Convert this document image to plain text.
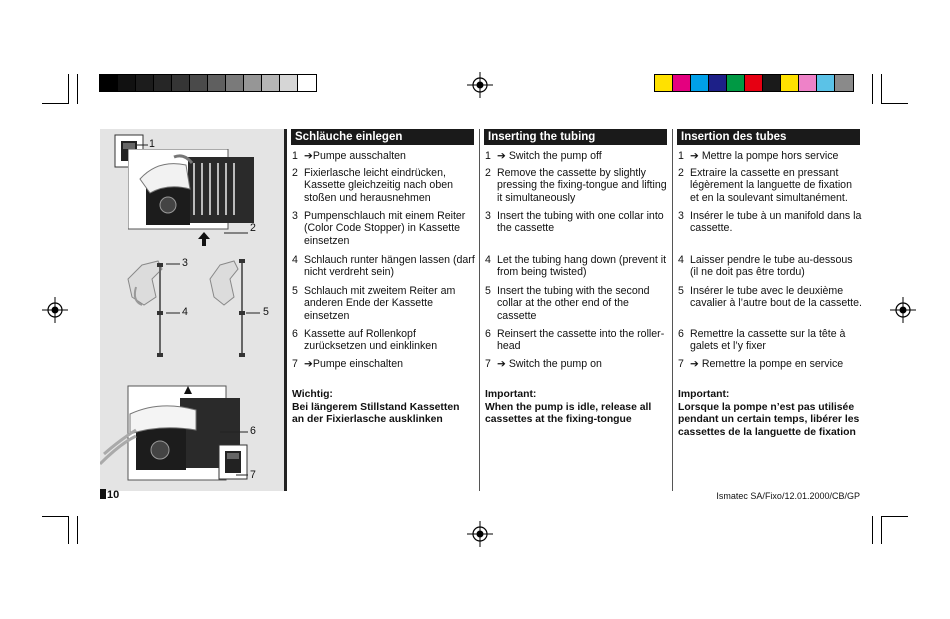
1
2
3
4	5
6
7
Schläuche einlegen
1 ➔Pumpe ausschalten
2 Fixierlasche leicht eindrücken, Kassette gleichzeitig nach oben stoßen und herausnehmen
3 Pumpenschlauch mit einem Reiter (Color Code Stopper) in Kassette einsetzen
4 Schlauch runter hängen lassen (darf nicht verdreht sein)
5 Schlauch mit zweitem Reiter am anderen Ende der Kassette einsetzen
6 Kassette auf Rollenkopf zurücksetzen und einklinken
7 ➔Pumpe einschalten
Wichtig:
Bei längerem Stillstand Kassetten an der Fixierlasche ausklinken
Inserting the tubing
1 ➔ Switch the pump off
2 Remove the cassette by slightly pressing the fixing-tongue and lifting it simultaneously
3 Insert the tubing with one collar into the cassette
4 Let the tubing hang down (prevent it from being twisted)
5 Insert the tubing with the second collar at the other end of the cassette
6 Reinsert the cassette into the roller-head
7 ➔ Switch the pump on
Important:
When the pump is idle, release all cassettes at the fixing-tongue
Insertion des tubes
1 ➔ Mettre la pompe hors service
2 Extraire la cassette en pressant légèrement la languette de fixation et en la soulevant simultanément.
3 Insérer le tube à un manifold dans la cassette.
4 Laisser pendre le tube au-dessous (il ne doit pas être tordu)
5 Insérer le tube avec le deuxième cavalier à l’autre bout de la cassette.
6 Remettre la cassette sur la tête à galets et l’y fixer
7 ➔ Remettre la pompe en service
Important:
Lorsque la pompe n’est pas utilisée pendant un certain temps, libérer les cassettes de la languette de fixation
10	Ismatec SA/Fixo/12.01.2000/CB/GP
